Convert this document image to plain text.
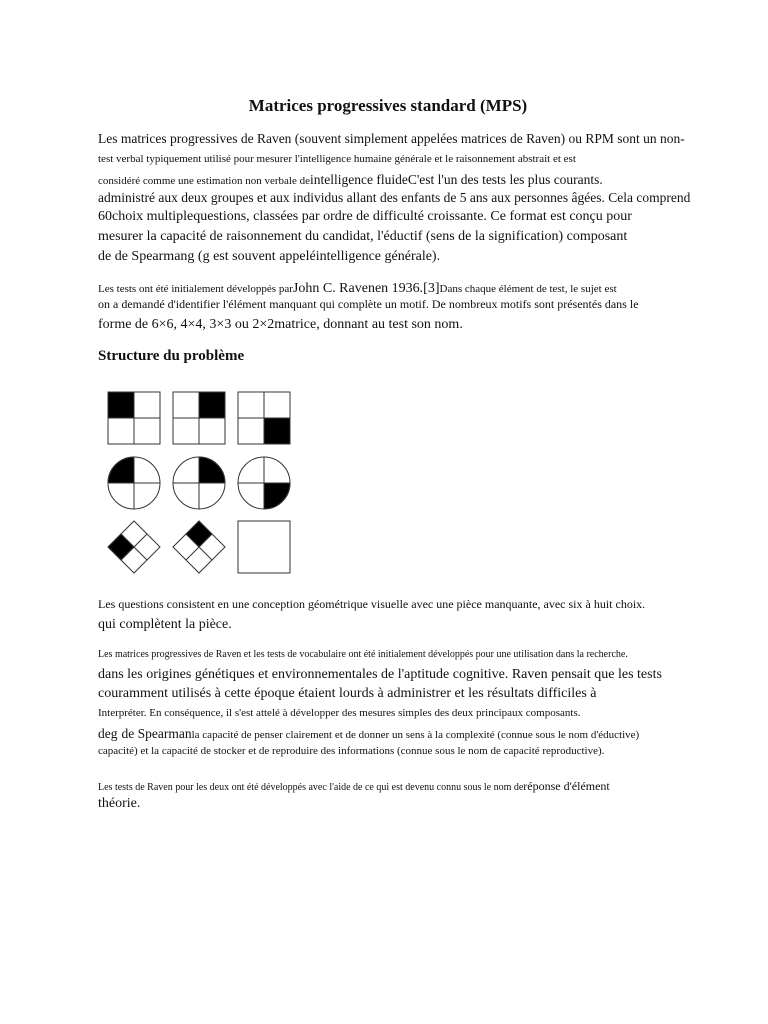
Matrices progressives standard (MPS)
Les matrices progressives de Raven (souvent simplement appelées matrices de Raven) ou RPM sont un non-
test verbal typiquement utilisé pour mesurer l'intelligence humaine générale et le raisonnement abstrait et est
considéré comme une estimation non verbale deintelligence fluideC'est l'un des tests les plus courants.
administré aux deux groupes et aux individus allant des enfants de 5 ans aux personnes âgées. Cela comprend
60choix multiplequestions, classées par ordre de difficulté croissante. Ce format est conçu pour
mesurer la capacité de raisonnement du candidat, l'éductif (sens de la signification) composant
de de Spearmang (g est souvent appeléintelligence générale).
Les tests ont été initialement développés parJohn C. Ravenen 1936.[3]Dans chaque élément de test, le sujet est
on a demandé d'identifier l'élément manquant qui complète un motif. De nombreux motifs sont présentés dans le
forme de 6×6, 4×4, 3×3 ou 2×2matrice, donnant au test son nom.
Structure du problème
Les questions consistent en une conception géométrique visuelle avec une pièce manquante, avec six à huit choix.
qui complètent la pièce.
Les matrices progressives de Raven et les tests de vocabulaire ont été initialement développés pour une utilisation dans la recherche.
dans les origines génétiques et environnementales de l'aptitude cognitive. Raven pensait que les tests
couramment utilisés à cette époque étaient lourds à administrer et les résultats difficiles à
Interpréter. En conséquence, il s'est attelé à développer des mesures simples des deux principaux composants.
deg de Spearmanla capacité de penser clairement et de donner un sens à la complexité (connue sous le nom d'éductive)
capacité) et la capacité de stocker et de reproduire des informations (connue sous le nom de capacité reproductive).
Les tests de Raven pour les deux ont été développés avec l'aide de ce qui est devenu connu sous le nom deréponse d'élément
théorie.
